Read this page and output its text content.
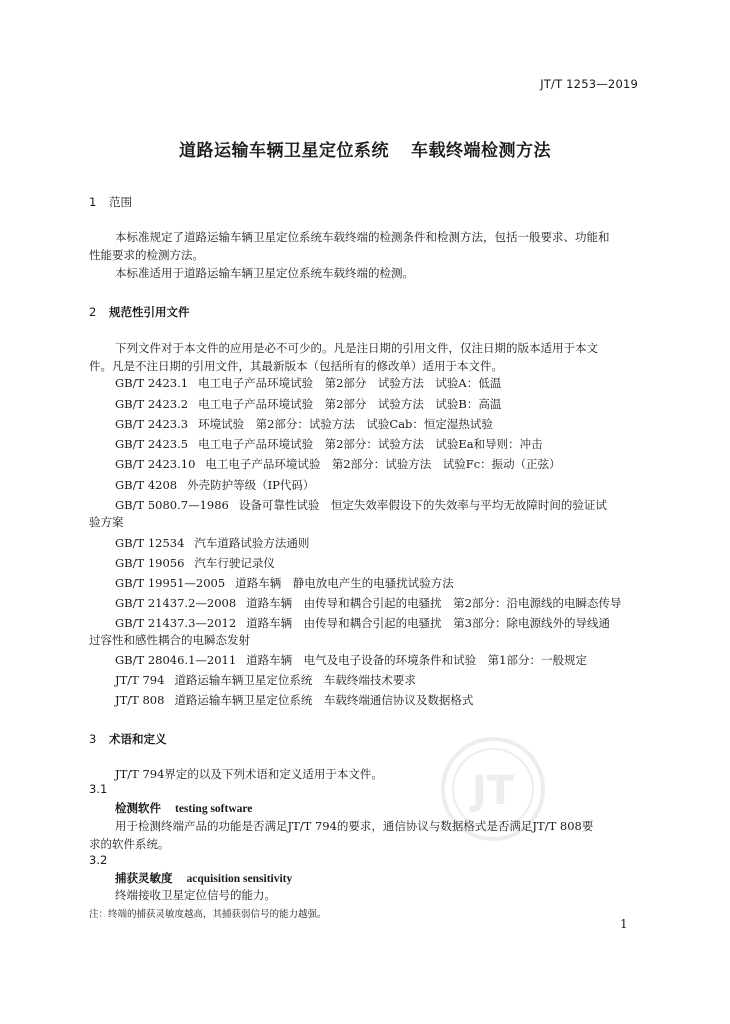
JT/T 1253—2019
道路运输车辆卫星定位系统 车载终端检测方法
1 范围
本标准规定了道路运输车辆卫星定位系统车载终端的检测条件和检测方法，包括一般要求、功能和
性能要求的检测方法。
本标准适用于道路运输车辆卫星定位系统车载终端的检测。
2 规范性引用文件
下列文件对于本文件的应用是必不可少的。凡是注日期的引用文件，仅注日期的版本适用于本文
件。凡是不注日期的引用文件，其最新版本（包括所有的修改单）适用于本文件。
GB/T 2423.1 电工电子产品环境试验　第2部分　试验方法　试验A：低温
GB/T 2423.2 电工电子产品环境试验　第2部分　试验方法　试验B：高温
GB/T 2423.3 环境试验　第2部分：试验方法　试验Cab：恒定湿热试验
GB/T 2423.5 电工电子产品环境试验　第2部分：试验方法　试验Ea和导则：冲击
GB/T 2423.10 电工电子产品环境试验　第2部分：试验方法　试验Fc：振动（正弦）
GB/T 4208 外壳防护等级（IP代码）
GB/T 5080.7—1986 设备可靠性试验　恒定失效率假设下的失效率与平均无故障时间的验证试
验方案
GB/T 12534 汽车道路试验方法通则
GB/T 19056 汽车行驶记录仪
GB/T 19951—2005 道路车辆　静电放电产生的电骚扰试验方法
GB/T 21437.2—2008 道路车辆　由传导和耦合引起的电骚扰　第2部分：沿电源线的电瞬态传导
GB/T 21437.3—2012 道路车辆　由传导和耦合引起的电骚扰　第3部分：除电源线外的导线通
过容性和感性耦合的电瞬态发射
GB/T 28046.1—2011 道路车辆　电气及电子设备的环境条件和试验　第1部分：一般规定
JT/T 794 道路运输车辆卫星定位系统　车载终端技术要求
JT/T 808 道路运输车辆卫星定位系统　车载终端通信协议及数据格式
3 术语和定义
JT/T 794界定的以及下列术语和定义适用于本文件。
3.1
检测软件 testing software
用于检测终端产品的功能是否满足JT/T 794的要求，通信协议与数据格式是否满足JT/T 808要
求的软件系统。
3.2
捕获灵敏度 acquisition sensitivity
终端接收卫星定位信号的能力。
注：终端的捕获灵敏度越高，其捕获弱信号的能力越强。
JT
1
